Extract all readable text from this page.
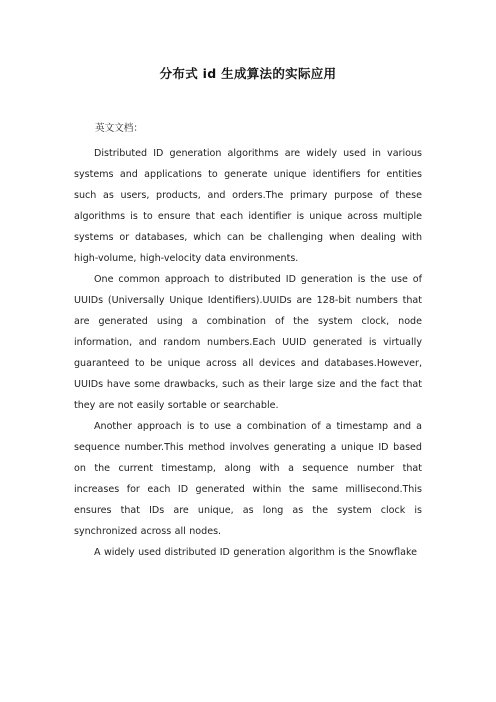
分布式 id 生成算法的实际应用
英文文档：

Distributed ID generation algorithms are widely used in various systems and applications to generate unique identifiers for entities such as users, products, and orders.The primary purpose of these algorithms is to ensure that each identifier is unique across multiple systems or databases, which can be challenging when dealing with high-volume, high-velocity data environments.

One common approach to distributed ID generation is the use of UUIDs (Universally Unique Identifiers).UUIDs are 128-bit numbers that are generated using a combination of the system clock, node information, and random numbers.Each UUID generated is virtually guaranteed to be unique across all devices and databases.However, UUIDs have some drawbacks, such as their large size and the fact that they are not easily sortable or searchable.

Another approach is to use a combination of a timestamp and a sequence number.This method involves generating a unique ID based on the current timestamp, along with a sequence number that increases for each ID generated within the same millisecond.This ensures that IDs are unique, as long as the system clock is synchronized across all nodes.

A widely used distributed ID generation algorithm is the Snowflake
